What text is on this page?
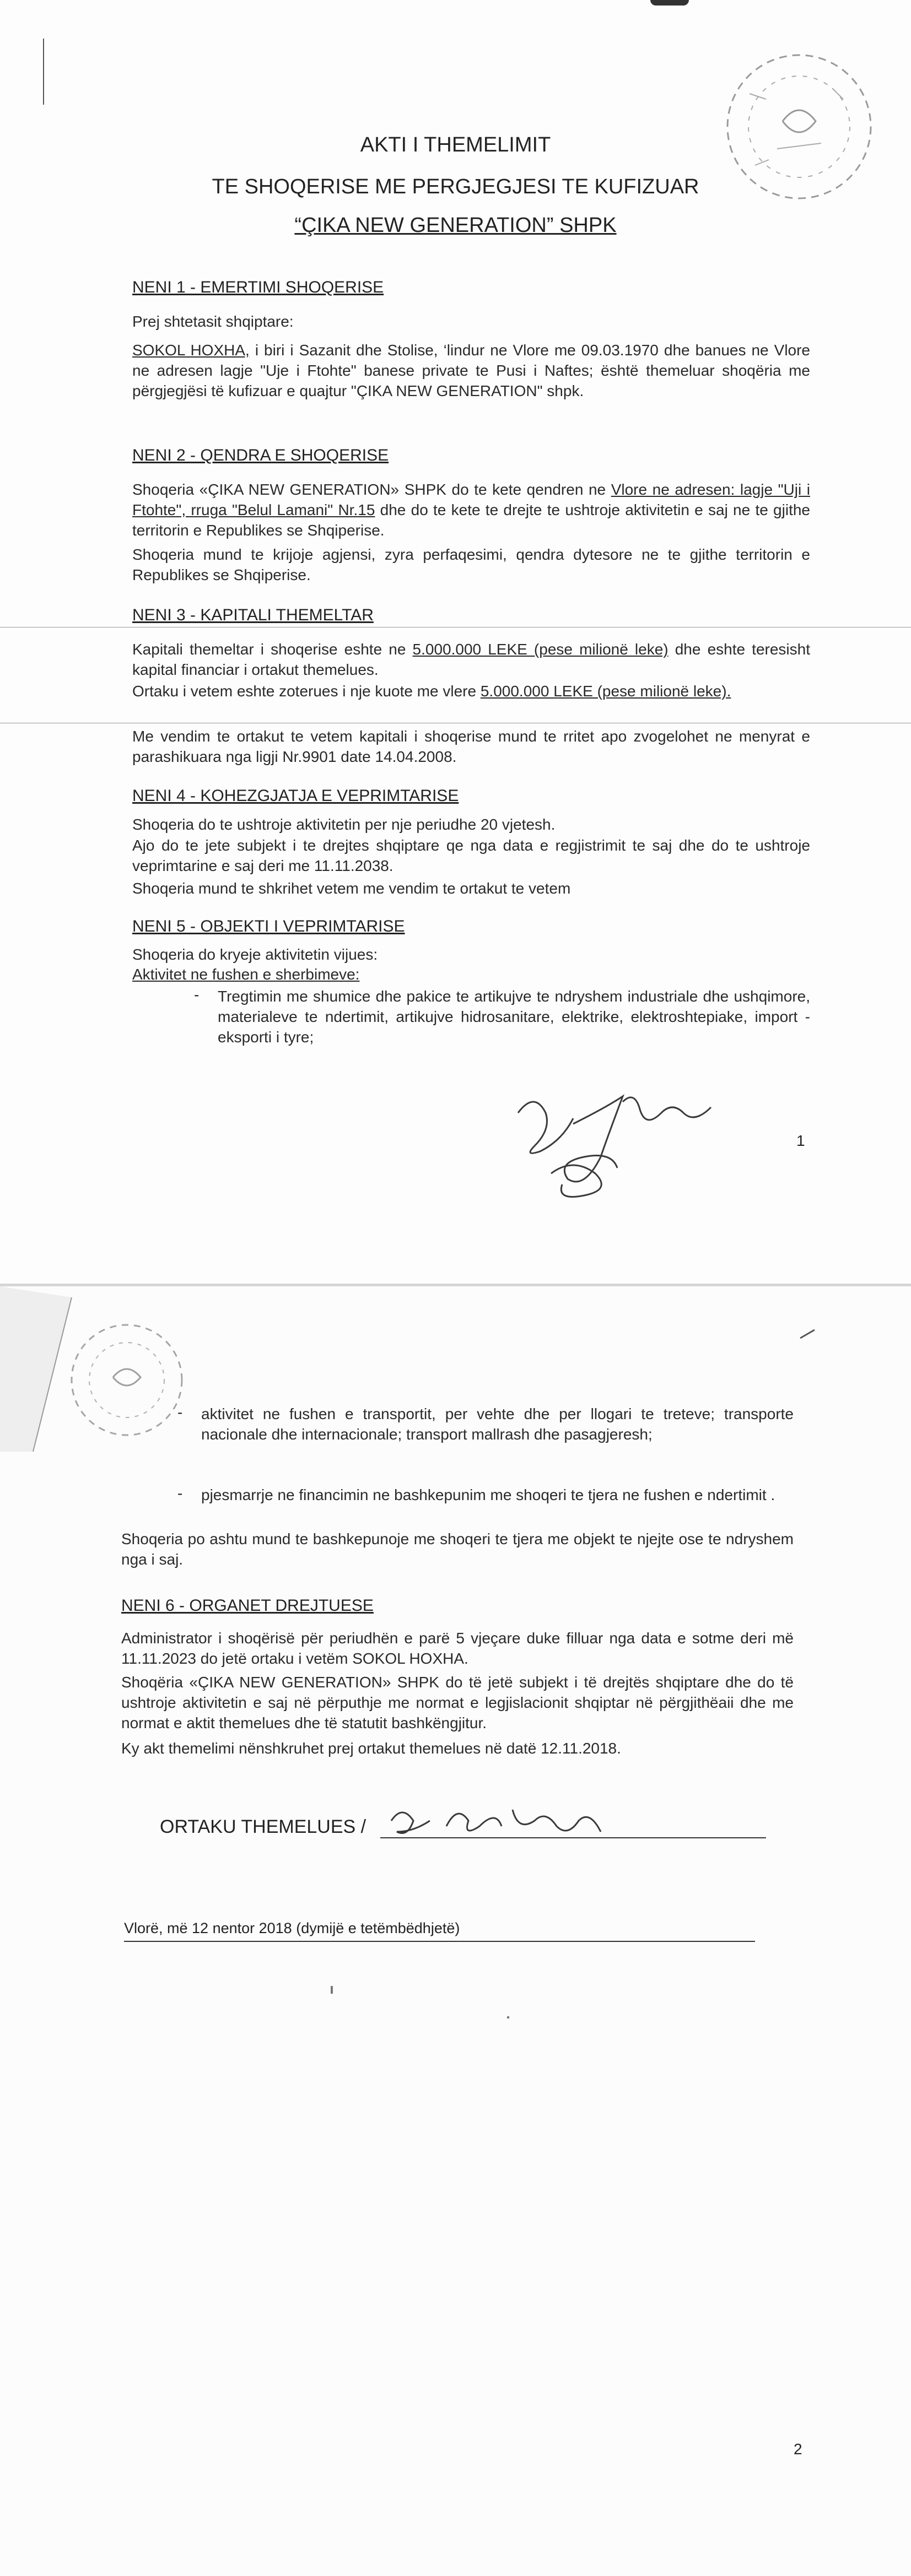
AKTI I THEMELIMIT
TE SHOQERISE ME PERGJEGJESI TE KUFIZUAR
“ÇIKA NEW GENERATION” SHPK
NENI 1 - EMERTIMI SHOQERISE
Prej shtetasit shqiptare:
SOKOL HOXHA, i biri i Sazanit dhe Stolise, ‘lindur ne Vlore me 09.03.1970 dhe banues ne Vlore ne adresen lagje "Uje i Ftohte" banese private te Pusi i Naftes; është themeluar shoqëria me përgjegjësi të kufizuar e quajtur "ÇIKA NEW GENERATION" shpk.
NENI 2 - QENDRA E SHOQERISE
Shoqeria «ÇIKA NEW GENERATION» SHPK do te kete qendren ne Vlore ne adresen: lagje "Uji i Ftohte", rruga "Belul Lamani" Nr.15 dhe do te kete te drejte te ushtroje aktivitetin e saj ne te gjithe territorin e Republikes se Shqiperise.
Shoqeria mund te krijoje agjensi, zyra perfaqesimi, qendra dytesore ne te gjithe territorin e Republikes se Shqiperise.
NENI 3 - KAPITALI THEMELTAR
Kapitali themeltar i shoqerise eshte ne 5.000.000 LEKE (pese milionë leke) dhe eshte teresisht kapital financiar i ortakut themelues.
Ortaku i vetem eshte zoterues i nje kuote me vlere 5.000.000 LEKE (pese milionë leke).
Me vendim te ortakut te vetem kapitali i shoqerise mund te rritet apo zvogelohet ne menyrat e parashikuara nga ligji Nr.9901 date 14.04.2008.
NENI 4 - KOHEZGJATJA E VEPRIMTARISE
Shoqeria do te ushtroje aktivitetin per nje periudhe 20 vjetesh.
Ajo do te jete subjekt i te drejtes shqiptare qe nga data e regjistrimit te saj dhe do te ushtroje veprimtarine e saj deri me 11.11.2038.
Shoqeria mund te shkrihet vetem me vendim te ortakut te vetem
NENI 5 - OBJEKTI I VEPRIMTARISE
Shoqeria do kryeje aktivitetin vijues:
Aktivitet ne fushen e sherbimeve:
- Tregtimin me shumice dhe pakice te artikujve te ndryshem industriale dhe ushqimore, materialeve te ndertimit, artikujve hidrosanitare, elektrike, elektroshtepiake, import - eksporti i tyre;
1
- aktivitet ne fushen e transportit, per vehte dhe per llogari te treteve; transporte nacionale dhe internacionale; transport mallrash dhe pasagjeresh;
- pjesmarrje ne financimin ne bashkepunim me shoqeri te tjera ne fushen e ndertimit .
Shoqeria po ashtu mund te bashkepunoje me shoqeri te tjera me objekt te njejte ose te ndryshem nga i saj.
NENI 6 - ORGANET DREJTUESE
Administrator i shoqërisë për periudhën e parë 5 vjeçare duke filluar nga data e sotme deri më 11.11.2023 do jetë ortaku i vetëm SOKOL HOXHA.
Shoqëria «ÇIKA NEW GENERATION» SHPK do të jetë subjekt i të drejtës shqiptare dhe do të ushtroje aktivitetin e saj në përputhje me normat e legjislacionit shqiptar në përgjithëaii dhe me normat e aktit themelues dhe të statutit bashkëngjitur.
Ky akt themelimi nënshkruhet prej ortakut themelues në datë 12.11.2018.
ORTAKU THEMELUES /
Vlorë, më 12 nentor 2018 (dymijë e tetëmbëdhjetë)
2
